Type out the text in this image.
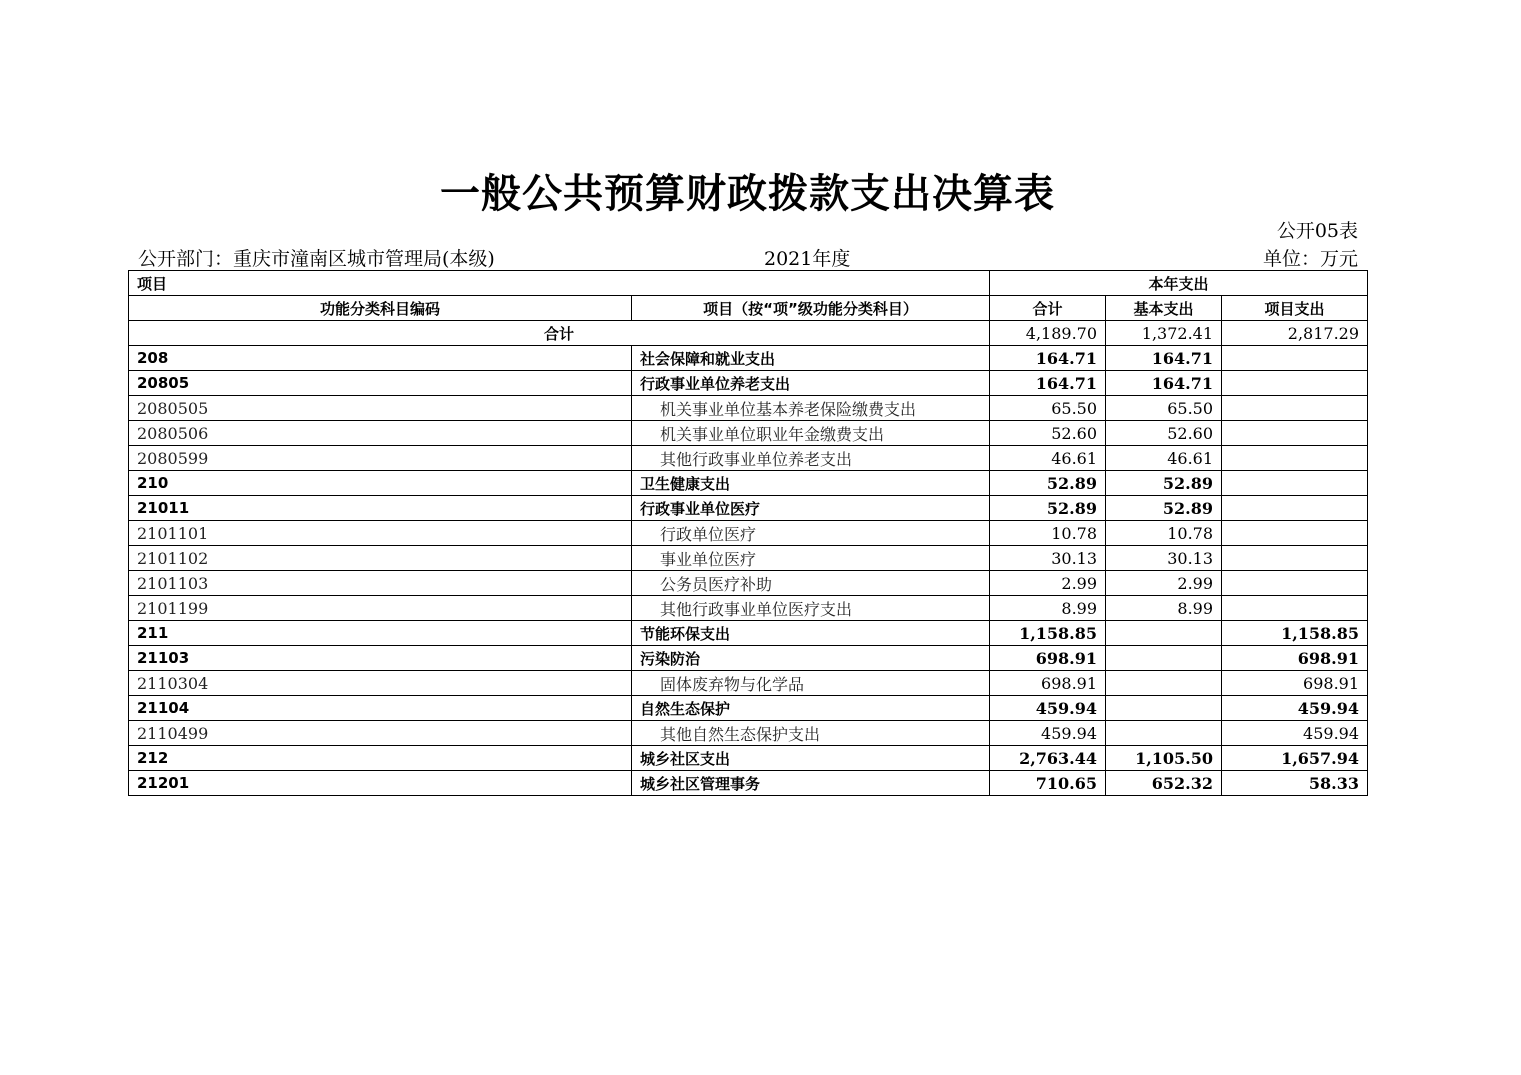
一般公共预算财政拨款支出决算表
公开05表
公开部门：重庆市潼南区城市管理局(本级)	2021年度	单位：万元
项目		本年支出		
功能分类科目编码	项目（按“项”级功能分类科目）	合计	基本支出	项目支出
合计		4,189.70	1,372.41	2,817.29
208	社会保障和就业支出	164.71	164.71	
20805	行政事业单位养老支出	164.71	164.71	
2080505	机关事业单位基本养老保险缴费支出	65.50	65.50	
2080506	机关事业单位职业年金缴费支出	52.60	52.60	
2080599	其他行政事业单位养老支出	46.61	46.61	
210	卫生健康支出	52.89	52.89	
21011	行政事业单位医疗	52.89	52.89	
2101101	行政单位医疗	10.78	10.78	
2101102	事业单位医疗	30.13	30.13	
2101103	公务员医疗补助	2.99	2.99	
2101199	其他行政事业单位医疗支出	8.99	8.99	
211	节能环保支出	1,158.85		1,158.85
21103	污染防治	698.91		698.91
2110304	固体废弃物与化学品	698.91		698.91
21104	自然生态保护	459.94		459.94
2110499	其他自然生态保护支出	459.94		459.94
212	城乡社区支出	2,763.44	1,105.50	1,657.94
21201	城乡社区管理事务	710.65	652.32	58.33
